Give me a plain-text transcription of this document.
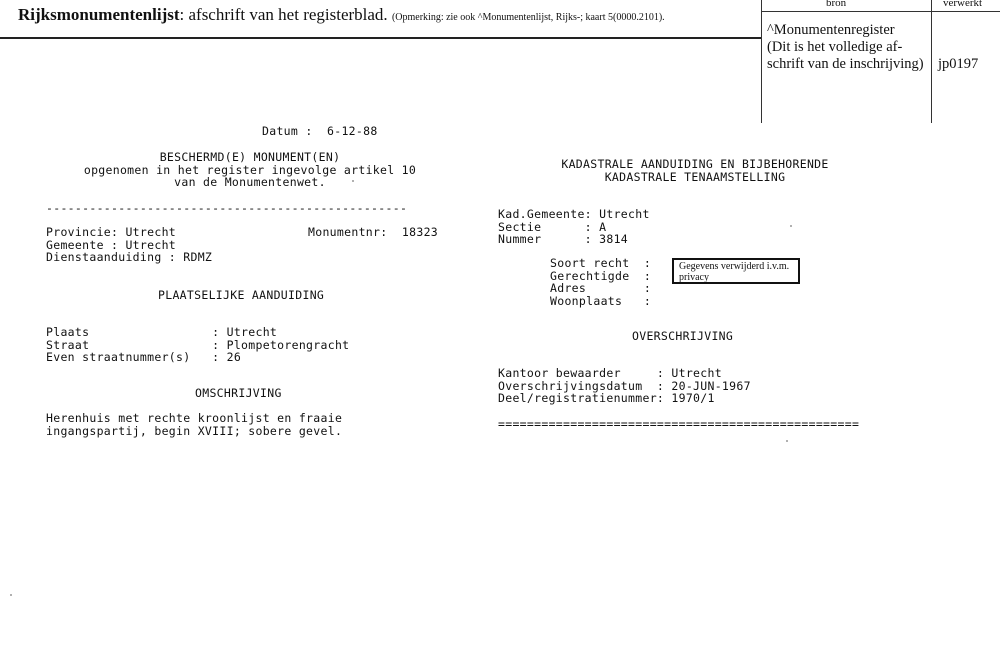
Rijksmonumentenlijst: afschrift van het registerblad. (Opmerking: zie ook ^Monumentenlijst, Rijks-; kaart 5(0000.2101).
bron	verwerkt
^Monumentenregister
(Dit is het volledige af-
schrift van de inschrijving) jp0197
Datum :  6-12-88
BESCHERMD(E) MONUMENT(EN)
opgenomen in het register ingevolge artikel 10
van de Monumentenwet.
--------------------------------------------------
Provincie: Utrecht
Gemeente : Utrecht
Dienstaanduiding : RDMZ
Monumentnr:  18323
PLAATSELIJKE AANDUIDING
Plaats                 : Utrecht
Straat                 : Plompetorengracht
Even straatnummer(s)   : 26
OMSCHRIJVING
Herenhuis met rechte kroonlijst en fraaie
ingangspartij, begin XVIII; sobere gevel.
KADASTRALE AANDUIDING EN BIJBEHORENDE
KADASTRALE TENAAMSTELLING
Kad.Gemeente: Utrecht
Sectie      : A
Nummer      : 3814
Soort recht  :
Gerechtigde  :
Adres        :
Woonplaats   :
Gegevens verwijderd i.v.m.
privacy
OVERSCHRIJVING
Kantoor bewaarder     : Utrecht
Overschrijvingsdatum  : 20-JUN-1967
Deel/registratienummer: 1970/1
==================================================
